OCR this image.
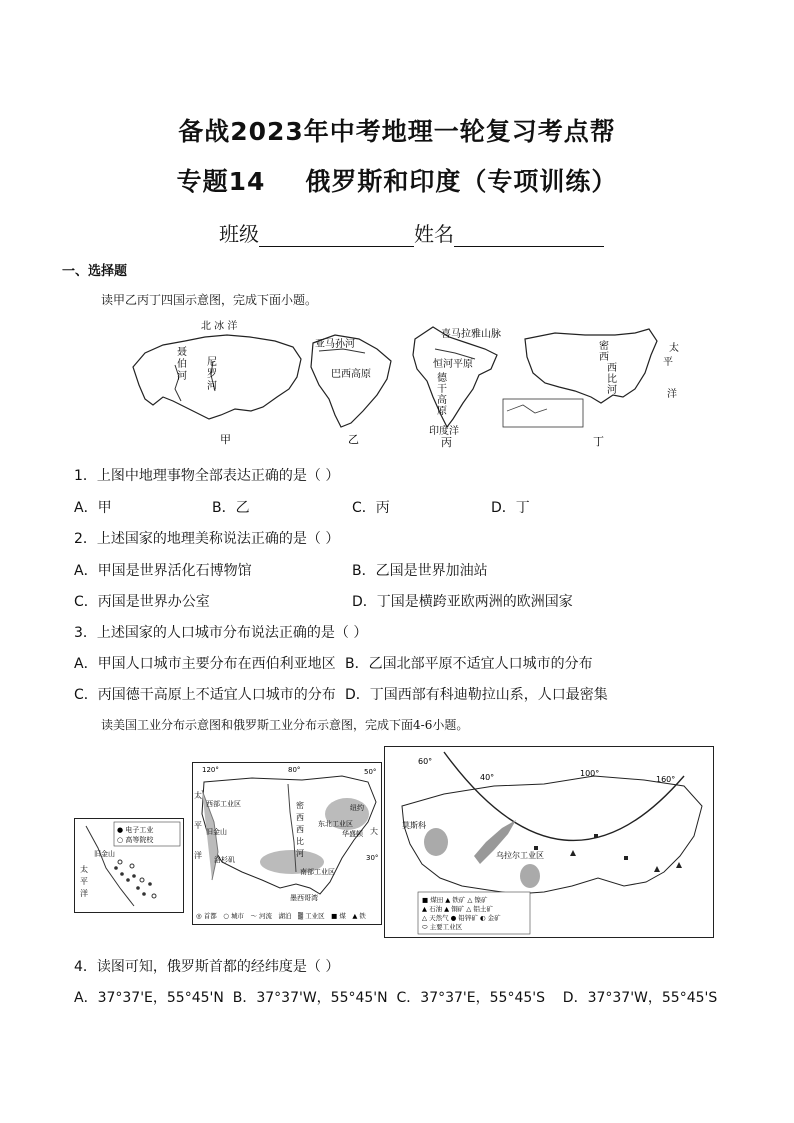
备战2023年中考地理一轮复习考点帮
专题14 俄罗斯和印度（专项训练）
班级	姓名
一、选择题
读甲乙丙丁四国示意图，完成下面小题。
北 冰 洋
聂
伯
河
尼
罗
河
甲
亚马孙河
巴西高原
乙
喜马拉雅山脉
恒河平原
德
干
高
原
印度洋
丙
密
西
西
比
河
太
平
洋
丁
1．上图中地理事物全部表达正确的是（ ）
A．甲	B．乙	C．丙	D．丁
2．上述国家的地理美称说法正确的是（ ）
A．甲国是世界活化石博物馆	B．乙国是世界加油站
C．丙国是世界办公室	D．丁国是横跨亚欧两洲的欧洲国家
3．上述国家的人口城市分布说法正确的是（ ）
A．甲国人口城市主要分布在西伯利亚地区 B．乙国北部平原不适宜人口城市的分布
C．丙国德干高原上不适宜人口城市的分布 D．丁国西部有科迪勒拉山系，人口最密集
读美国工业分布示意图和俄罗斯工业分布示意图，完成下面4-6小题。
● 电子工业
○ 高等院校
旧金山
太
平
洋
120°	80°	50°
30°
太
平
洋
西部工业区
旧金山
洛杉矶
东北工业区
纽约
华盛顿
南部工业区
墨西哥湾
密
西
西
比
河
大
◎ 首都　○ 城市　～ 河流　湖泊　▒ 工业区　■ 煤　▲ 铁
60°
40°	100°
160°
莫斯科
乌拉尔工业区
■ 煤田 ▲ 铁矿 △ 镍矿
▲ 石油 ▲ 铜矿 △ 铝土矿
△ 天然气 ● 铅锌矿 ◐ 金矿
⬭ 主要工业区
4．读图可知，俄罗斯首都的经纬度是（ ）
A．37°37'E，55°45'N  B．37°37'W，55°45'N  C．37°37'E，55°45'S    D．37°37'W，55°45'S
